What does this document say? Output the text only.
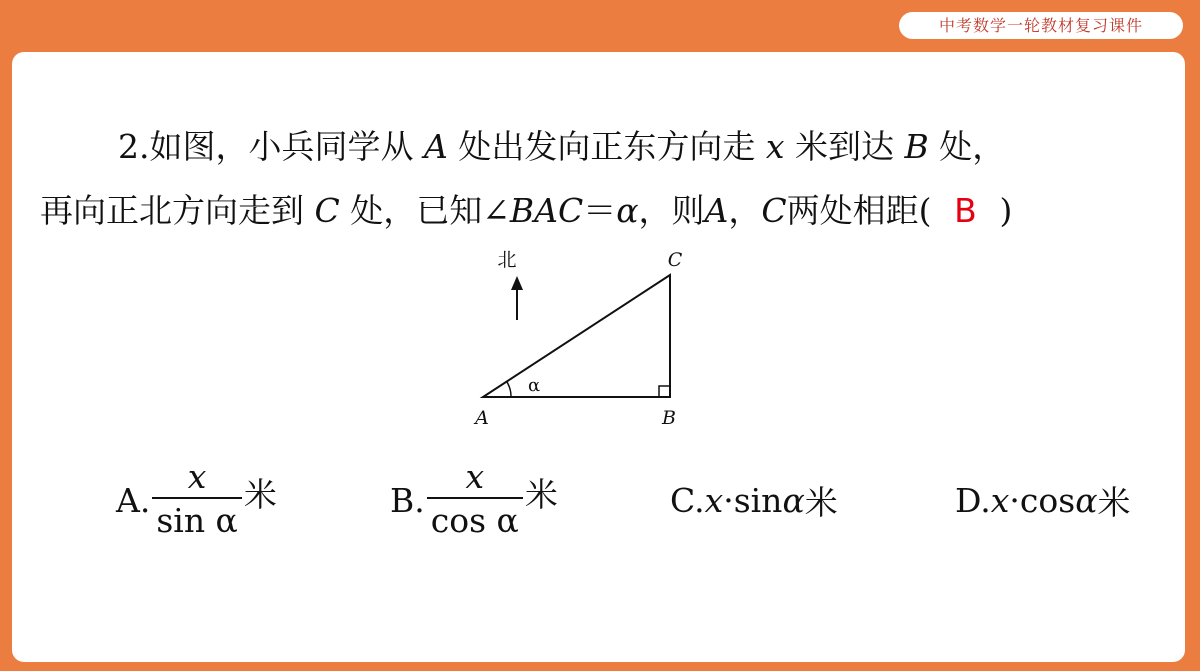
中考数学一轮教材复习课件
2.如图，小兵同学从 A 处出发向正东方向走 x 米到达 B 处，
再向正北方向走到 C 处，已知∠BAC＝α，则A，C两处相距( B )
北
α
A	B
C
A. $\frac{x}{\text{sin α}}$ 米	B. $\frac{x}{\text{cos α}}$ 米	C. x ·sin α 米	D. x ·cos α 米
